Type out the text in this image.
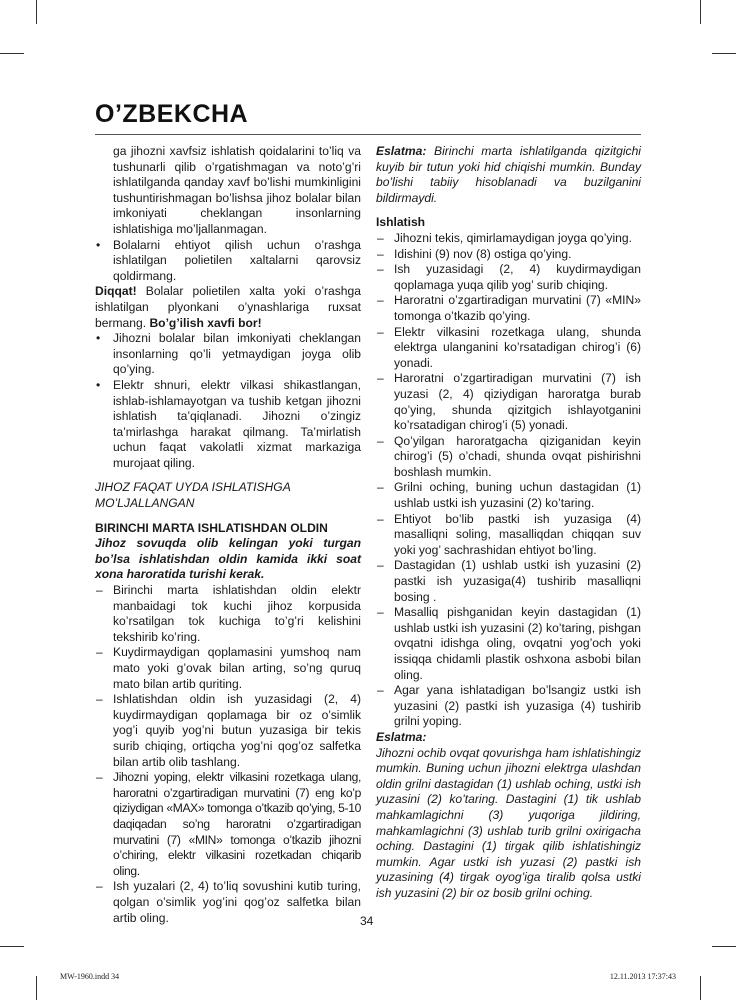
O’ZBEKCHA

ga jihozni xavfsiz ishlatish qoidalarini to’liq va tushunarli qilib o’rgatishmagan va noto’g’ri ishlatilganda qanday xavf bo’lishi mumkinligini tushuntirishmagan bo’lishsa jihoz bolalar bilan imkoniyati cheklangan insonlarning ishlatishiga mo’ljallanmagan.

• Bolalarni ehtiyot qilish uchun o’rashga ishlatilgan polietilen xaltalarni qarovsiz qoldirmang.

Diqqat! Bolalar polietilen xalta yoki o’rashga ishlatilgan plyonkani o’ynashlariga ruxsat bermang. Bo’g’ilish xavfi bor!

• Jihozni bolalar bilan imkoniyati cheklangan insonlarning qo’li yetmaydigan joyga olib qo’ying.
• Elektr shnuri, elektr vilkasi shikastlangan, ishlab-ishlamayotgan va tushib ketgan jihozni ishlatish ta’qiqlanadi. Jihozni o’zingiz ta’mirlashga harakat qilmang. Ta’mirlatish uchun faqat vakolatli xizmat markaziga murojaat qiling.

JIHOZ FAQAT UYDA ISHLATISHGA MO’LJALLANGAN

BIRINCHI MARTA ISHLATISHDAN OLDIN

Jihoz sovuqda olib kelingan yoki turgan bo’lsa ishlatishdan oldin kamida ikki soat xona haroratida turishi kerak.

– Birinchi marta ishlatishdan oldin elektr manbaidagi tok kuchi jihoz korpusida ko’rsatilgan tok kuchiga to’g’ri kelishini tekshirib ko’ring.
– Kuydirmaydigan qoplamasini yumshoq nam mato yoki g’ovak bilan arting, so’ng quruq mato bilan artib quriting.
– Ishlatishdan oldin ish yuzasidagi (2, 4) kuydirmaydigan qoplamaga bir oz o’simlik yog’i quyib yog’ni butun yuzasiga bir tekis surib chiqing, ortiqcha yog’ni qog’oz salfetka bilan artib olib tashlang.
– Jihozni yoping, elektr vilkasini rozetkaga ulang, haroratni o’zgartiradigan murvatini (7) eng ko’p qiziydigan «MAX» tomonga o’tkazib qo’ying, 5-10 daqiqadan so’ng haroratni o’zgartiradigan murvatini (7) «MIN» tomonga o’tkazib jihozni o’chiring, elektr vilkasini rozetkadan chiqarib oling.
– Ish yuzalari (2, 4) to’liq sovushini kutib turing, qolgan o’simlik yog’ini qog’oz salfetka bilan artib oling.

Eslatma: Birinchi marta ishlatilganda qizitgichi kuyib bir tutun yoki hid chiqishi mumkin. Bunday bo’lishi tabiiy hisoblanadi va buzilganini bildirmaydi.

Ishlatish

– Jihozni tekis, qimirlamaydigan joyga qo’ying.
– Idishini (9) nov (8) ostiga qo’ying.
– Ish yuzasidagi (2, 4) kuydirmaydigan qoplamaga yuqa qilib yog’ surib chiqing.
– Haroratni o’zgartiradigan murvatini (7) «MIN» tomonga o’tkazib qo’ying.
– Elektr vilkasini rozetkaga ulang, shunda elektrga ulanganini ko’rsatadigan chirog’i (6) yonadi.
– Haroratni o’zgartiradigan murvatini (7) ish yuzasi (2, 4) qiziydigan haroratga burab qo’ying, shunda qizitgich ishlayotganini ko’rsatadigan chirog’i (5) yonadi.
– Qo’yilgan haroratgacha qiziganidan keyin chirog’i (5) o’chadi, shunda ovqat pishirishni boshlash mumkin.
– Grilni oching, buning uchun dastagidan (1) ushlab ustki ish yuzasini (2) ko’taring.
– Ehtiyot bo’lib pastki ish yuzasiga (4) masalliqni soling, masalliqdan chiqqan suv yoki yog’ sachrashidan ehtiyot bo’ling.
– Dastagidan (1) ushlab ustki ish yuzasini (2) pastki ish yuzasiga(4) tushirib masalliqni bosing .
– Masalliq pishganidan keyin dastagidan (1) ushlab ustki ish yuzasini (2) ko’taring, pishgan ovqatni idishga oling, ovqatni yog’och yoki issiqqa chidamli plastik oshxona asbobi bilan oling.
– Agar yana ishlatadigan bo’lsangiz ustki ish yuzasini (2) pastki ish yuzasiga (4) tushirib grilni yoping.

Eslatma:

Jihozni ochib ovqat qovurishga ham ishlatishingiz mumkin. Buning uchun jihozni elektrga ulashdan oldin grilni dastagidan (1) ushlab oching, ustki ish yuzasini (2) ko’taring. Dastagini (1) tik ushlab mahkamlagichni (3) yuqoriga jildiring, mahkamlagichni (3) ushlab turib grilni oxirigacha oching. Dastagini (1) tirgak qilib ishlatishingiz mumkin. Agar ustki ish yuzasi (2) pastki ish yuzasining (4) tirgak oyog’iga tiralib qolsa ustki ish yuzasini (2) bir oz bosib grilni oching.

34
MW-1960.indd 34	12.11.2013 17:37:43
